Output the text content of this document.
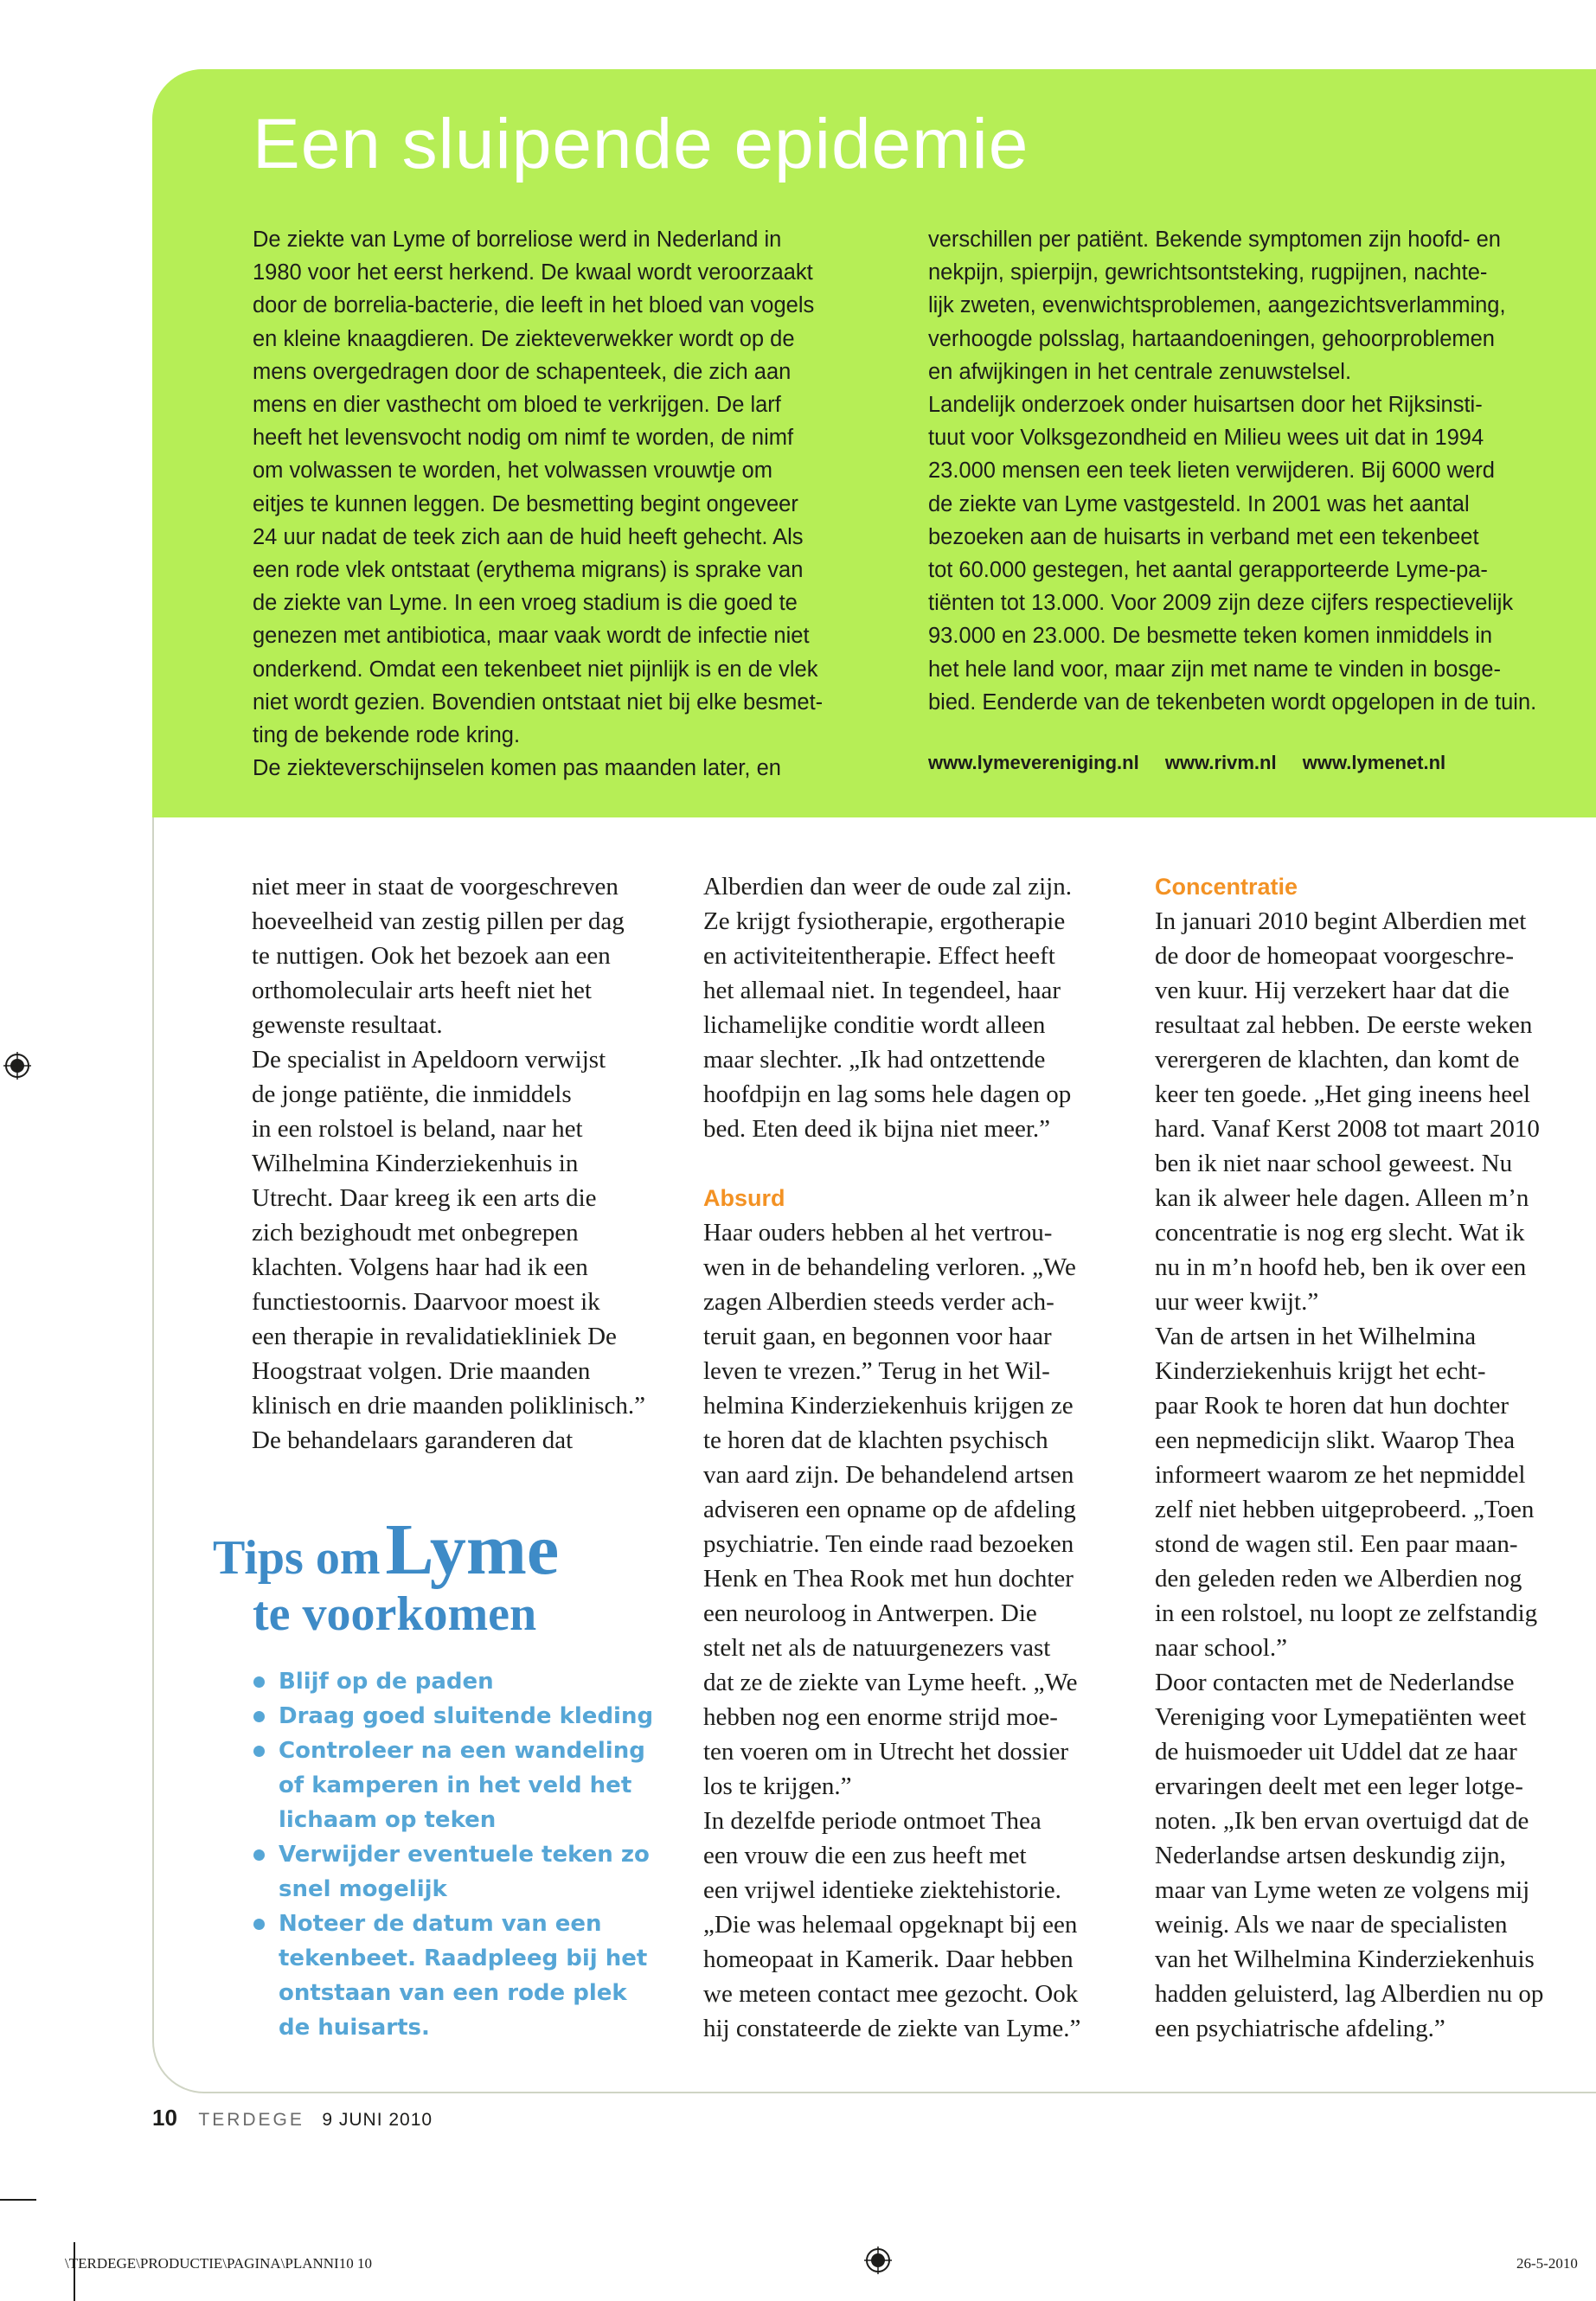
Een sluipende epidemie

De ziekte van Lyme of borreliose werd in Nederland in

1980 voor het eerst herkend. De kwaal wordt veroorzaakt

door de borrelia-bacterie, die leeft in het bloed van vogels

en kleine knaagdieren. De ziekteverwekker wordt op de

mens overgedragen door de schapenteek, die zich aan

mens en dier vasthecht om bloed te verkrijgen. De larf

heeft het levensvocht nodig om nimf te worden, de nimf

om volwassen te worden, het volwassen vrouwtje om

eitjes te kunnen leggen. De besmetting begint ongeveer

24 uur nadat de teek zich aan de huid heeft gehecht. Als

een rode vlek ontstaat (erythema migrans) is sprake van

de ziekte van Lyme. In een vroeg stadium is die goed te

genezen met antibiotica, maar vaak wordt de infectie niet

onderkend. Omdat een tekenbeet niet pijnlijk is en de vlek

niet wordt gezien. Bovendien ontstaat niet bij elke besmet-

ting de bekende rode kring.

De ziekteverschijnselen komen pas maanden later, en

verschillen per patiënt. Bekende symptomen zijn hoofd- en

nekpijn, spierpijn, gewrichtsontsteking, rugpijnen, nachte-

lijk zweten, evenwichtsproblemen, aangezichtsverlamming,

verhoogde polsslag, hartaandoeningen, gehoorproblemen

en afwijkingen in het centrale zenuwstelsel.

Landelijk onderzoek onder huisartsen door het Rijksinsti-

tuut voor Volksgezondheid en Milieu wees uit dat in 1994

23.000 mensen een teek lieten verwijderen. Bij 6000 werd

de ziekte van Lyme vastgesteld. In 2001 was het aantal

bezoeken aan de huisarts in verband met een tekenbeet

tot 60.000 gestegen, het aantal gerapporteerde Lyme-pa-

tiënten tot 13.000. Voor 2009 zijn deze cijfers respectievelijk

93.000 en 23.000. De besmette teken komen inmiddels in

het hele land voor, maar zijn met name te vinden in bosge-

bied. Eenderde van de tekenbeten wordt opgelopen in de tuin.

www.lymevereniging.nl www.rivm.nl www.lymenet.nl

niet meer in staat de voorgeschreven

hoeveelheid van zestig pillen per dag

te nuttigen. Ook het bezoek aan een

orthomoleculair arts heeft niet het

gewenste resultaat.

De specialist in Apeldoorn verwijst

de jonge patiënte, die inmiddels

in een rolstoel is beland, naar het

Wilhelmina Kinderziekenhuis in

Utrecht. Daar kreeg ik een arts die

zich bezighoudt met onbegrepen

klachten. Volgens haar had ik een

functiestoornis. Daarvoor moest ik

een therapie in revalidatiekliniek De

Hoogstraat volgen. Drie maanden

klinisch en drie maanden poliklinisch.”

De behandelaars garanderen dat

Alberdien dan weer de oude zal zijn.

Ze krijgt fysiotherapie, ergotherapie

en activiteitentherapie. Effect heeft

het allemaal niet. In tegendeel, haar

lichamelijke conditie wordt alleen

maar slechter. „Ik had ontzettende

hoofdpijn en lag soms hele dagen op

bed. Eten deed ik bijna niet meer.”

Absurd

Haar ouders hebben al het vertrou-

wen in de behandeling verloren. „We

zagen Alberdien steeds verder ach-

teruit gaan, en begonnen voor haar

leven te vrezen.” Terug in het Wil-

helmina Kinderziekenhuis krijgen ze

te horen dat de klachten psychisch

van aard zijn. De behandelend artsen

adviseren een opname op de afdeling

psychiatrie. Ten einde raad bezoeken

Henk en Thea Rook met hun dochter

een neuroloog in Antwerpen. Die

stelt net als de natuurgenezers vast

dat ze de ziekte van Lyme heeft. „We

hebben nog een enorme strijd moe-

ten voeren om in Utrecht het dossier

los te krijgen.”

In dezelfde periode ontmoet Thea

een vrouw die een zus heeft met

een vrijwel identieke ziektehistorie.

„Die was helemaal opgeknapt bij een

homeopaat in Kamerik. Daar hebben

we meteen contact mee gezocht. Ook

hij constateerde de ziekte van Lyme.”

Concentratie

In januari 2010 begint Alberdien met

de door de homeopaat voorgeschre-

ven kuur. Hij verzekert haar dat die

resultaat zal hebben. De eerste weken

verergeren de klachten, dan komt de

keer ten goede. „Het ging ineens heel

hard. Vanaf Kerst 2008 tot maart 2010

ben ik niet naar school geweest. Nu

kan ik alweer hele dagen. Alleen m’n

concentratie is nog erg slecht. Wat ik

nu in m’n hoofd heb, ben ik over een

uur weer kwijt.”

Van de artsen in het Wilhelmina

Kinderziekenhuis krijgt het echt-

paar Rook te horen dat hun dochter

een nepmedicijn slikt. Waarop Thea

informeert waarom ze het nepmiddel

zelf niet hebben uitgeprobeerd. „Toen

stond de wagen stil. Een paar maan-

den geleden reden we Alberdien nog

in een rolstoel, nu loopt ze zelfstandig

naar school.”

Door contacten met de Nederlandse

Vereniging voor Lymepatiënten weet

de huismoeder uit Uddel dat ze haar

ervaringen deelt met een leger lotge-

noten. „Ik ben ervan overtuigd dat de

Nederlandse artsen deskundig zijn,

maar van Lyme weten ze volgens mij

weinig. Als we naar de specialisten

van het Wilhelmina Kinderziekenhuis

hadden geluisterd, lag Alberdien nu op

een psychiatrische afdeling.”

Tips om Lyme
te voorkomen
Blijf op de paden
Draag goed sluitende kleding
Controleer na een wandeling
of kamperen in het veld het
lichaam op teken
Verwijder eventuele teken zo
snel mogelijk
Noteer de datum van een
tekenbeet. Raadpleeg bij het
ontstaan van een rode plek
de huisarts.
10 TERDEGE 9 JUNI 2010
\TERDEGE\PRODUCTIE\PAGINA\PLANNI10 10	26-5-2010
